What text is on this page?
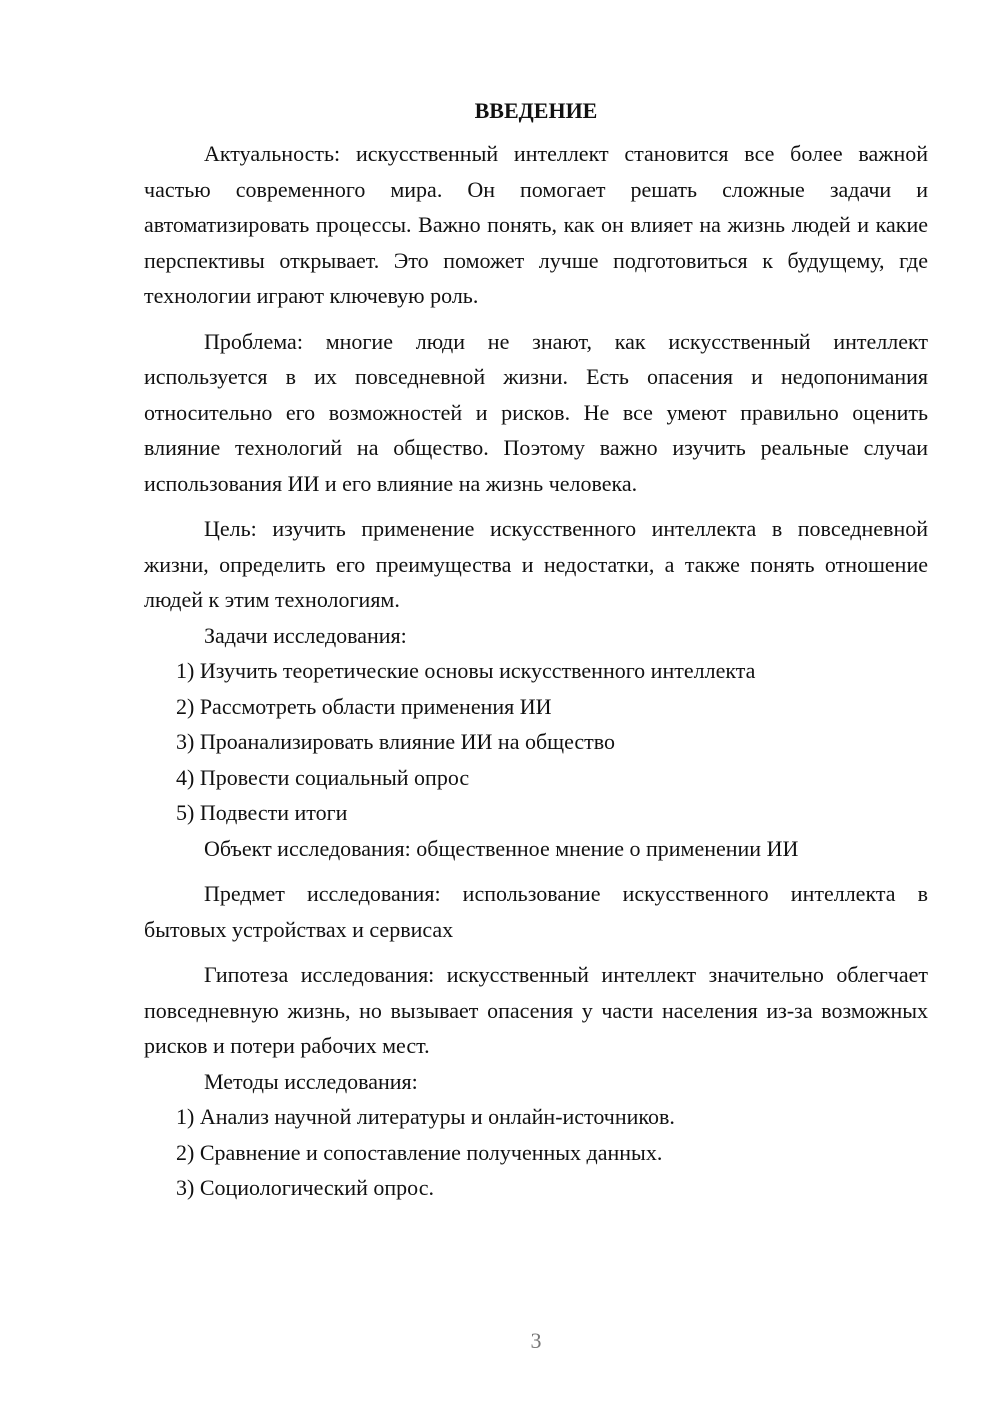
ВВЕДЕНИЕ

Актуальность: искусственный интеллект становится все более важной частью современного мира. Он помогает решать сложные задачи и автоматизировать процессы. Важно понять, как он влияет на жизнь людей и какие перспективы открывает. Это поможет лучше подготовиться к будущему, где технологии играют ключевую роль.

Проблема: многие люди не знают, как искусственный интеллект используется в их повседневной жизни. Есть опасения и недопонимания относительно его возможностей и рисков. Не все умеют правильно оценить влияние технологий на общество. Поэтому важно изучить реальные случаи использования ИИ и его влияние на жизнь человека.

Цель: изучить применение искусственного интеллекта в повседневной жизни, определить его преимущества и недостатки, а также понять отношение людей к этим технологиям.

Задачи исследования:

1) Изучить теоретические основы искусственного интеллекта

2) Рассмотреть области применения ИИ

3) Проанализировать влияние ИИ на общество

4) Провести социальный опрос

5) Подвести итоги

Объект исследования: общественное мнение о применении ИИ

Предмет исследования: использование искусственного интеллекта в бытовых устройствах и сервисах

Гипотеза исследования: искусственный интеллект значительно облегчает повседневную жизнь, но вызывает опасения у части населения из-за возможных рисков и потери рабочих мест.

Методы исследования:

1) Анализ научной литературы и онлайн-источников.

2) Сравнение и сопоставление полученных данных.

3) Социологический опрос.

3
